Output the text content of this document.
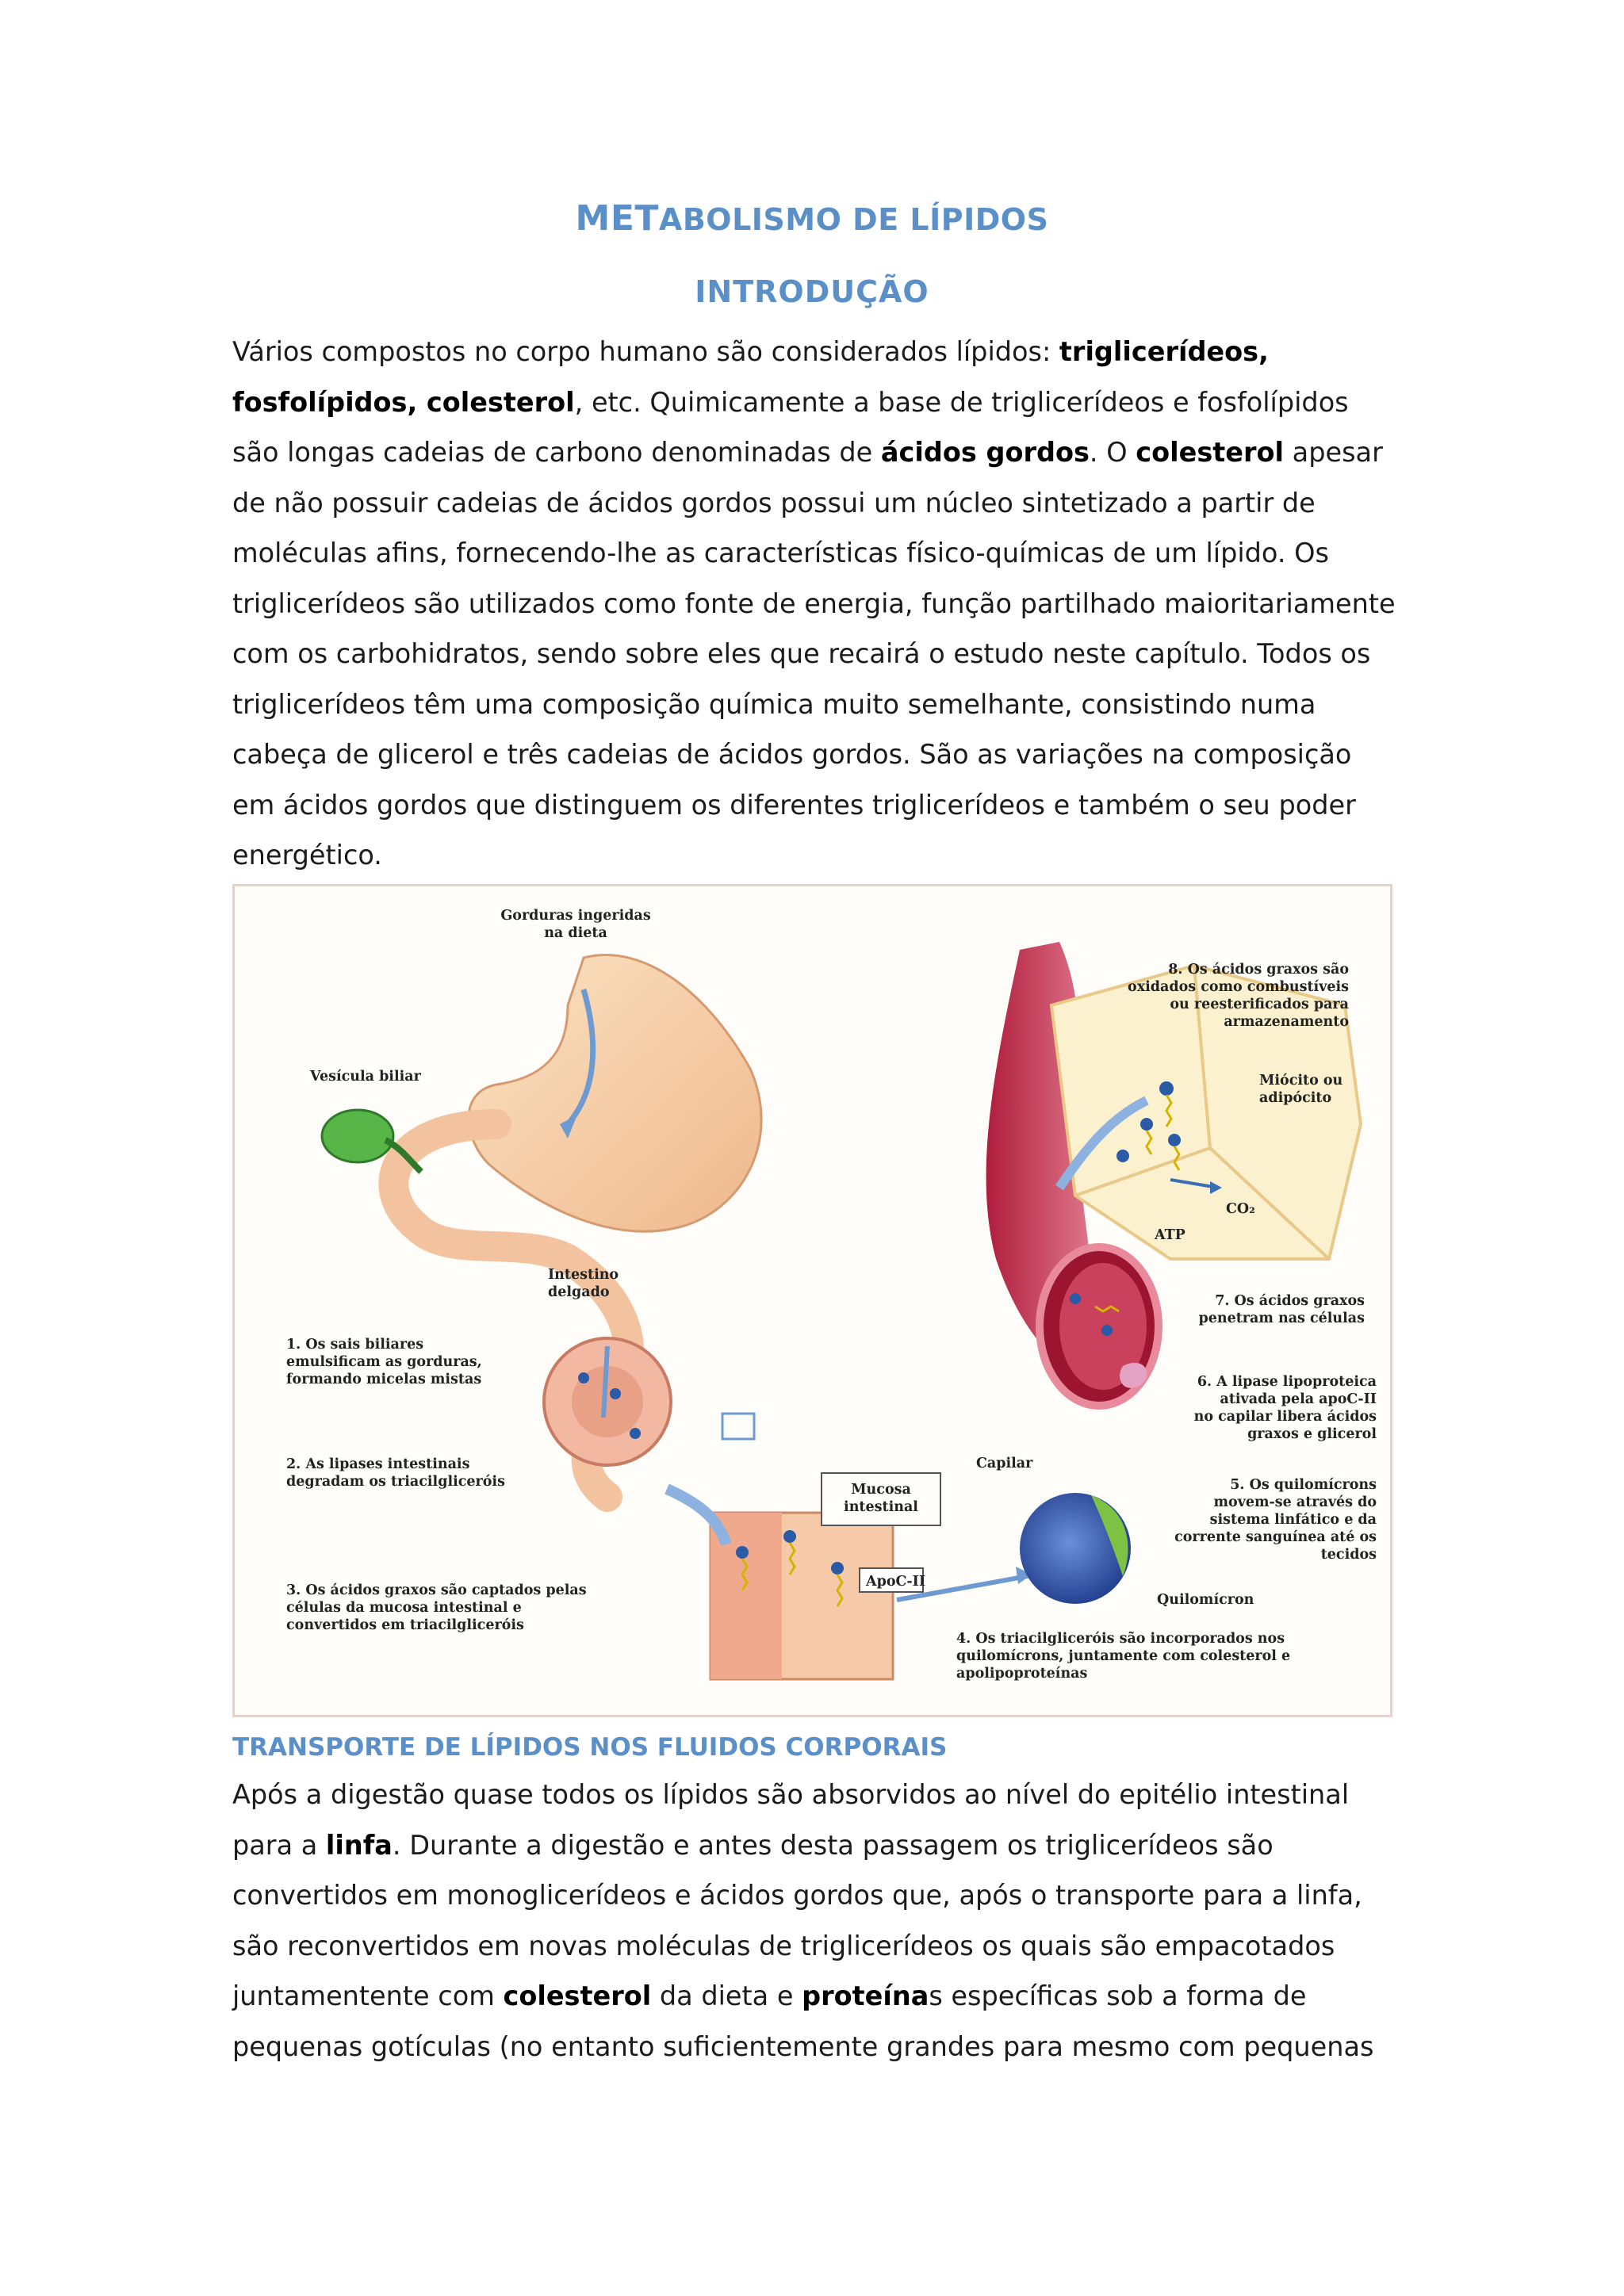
METABOLISMO DE LÍPIDOS
INTRODUÇÃO

Vários compostos no corpo humano são considerados lípidos: triglicerídeos, fosfolípidos, colesterol, etc. Quimicamente a base de triglicerídeos e fosfolípidos são longas cadeias de carbono denominadas de ácidos gordos. O colesterol apesar de não possuir cadeias de ácidos gordos possui um núcleo sintetizado a partir de moléculas afins, fornecendo-lhe as características físico-químicas de um lípido. Os triglicerídeos são utilizados como fonte de energia, função partilhado maioritariamente com os carbohidratos, sendo sobre eles que recairá o estudo neste capítulo. Todos os triglicerídeos têm uma composição química muito semelhante, consistindo numa cabeça de glicerol e três cadeias de ácidos gordos. São as variações na composição em ácidos gordos que distinguem os diferentes triglicerídeos e também o seu poder energético.

Gorduras ingeridas na dieta
Vesícula biliar
Intestino delgado
1. Os sais biliares emulsificam as gorduras, formando micelas mistas
2. As lipases intestinais degradam os triacilgliceróis
3. Os ácidos graxos são captados pelas células da mucosa intestinal e convertidos em triacilgliceróis
Mucosa intestinal
ApoC-II
Capilar
4. Os triacilgliceróis são incorporados nos quilomícrons, juntamente com colesterol e apolipoproteínas
Quilomícron
5. Os quilomícrons movem-se através do sistema linfático e da corrente sanguínea até os tecidos
6. A lipase lipoproteica ativada pela apoC-II no capilar libera ácidos graxos e glicerol
7. Os ácidos graxos penetram nas células
8. Os ácidos graxos são oxidados como combustíveis ou reesterificados para armazenamento
Miócito ou adipócito
CO₂
ATP
TRANSPORTE DE LÍPIDOS NOS FLUIDOS CORPORAIS

Após a digestão quase todos os lípidos são absorvidos ao nível do epitélio intestinal para a linfa. Durante a digestão e antes desta passagem os triglicerídeos são convertidos em monoglicerídeos e ácidos gordos que, após o transporte para a linfa, são reconvertidos em novas moléculas de triglicerídeos os quais são empacotados juntamentente com colesterol da dieta e proteínas específicas sob a forma de pequenas gotículas (no entanto suficientemente grandes para mesmo com pequenas
